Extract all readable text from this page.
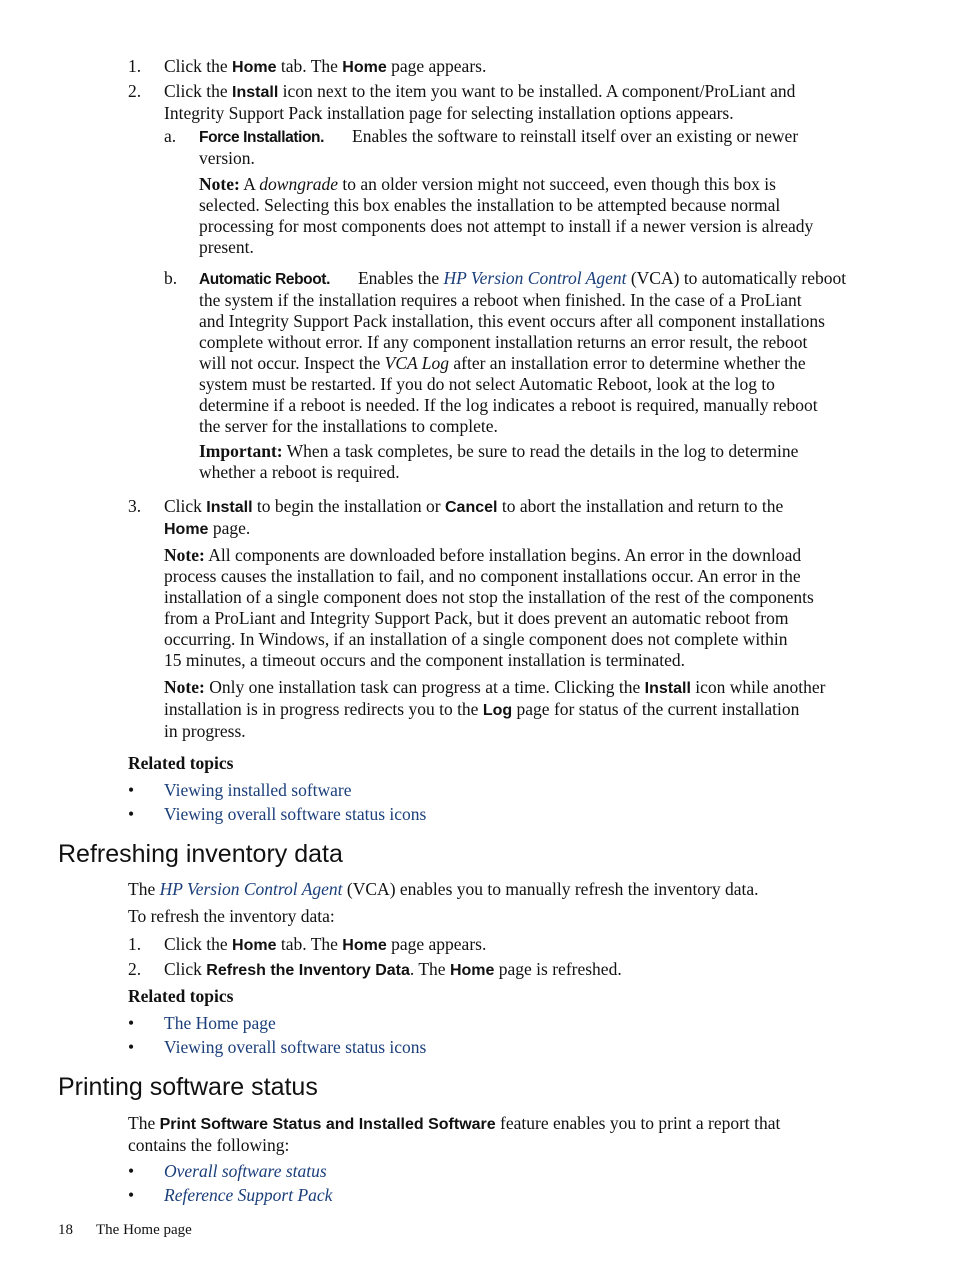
1. Click the Home tab. The Home page appears.
2. Click the Install icon next to the item you want to be installed. A component/ProLiant and
Integrity Support Pack installation page for selecting installation options appears.
a. Force Installation. Enables the software to reinstall itself over an existing or newer
version.
Note: A downgrade to an older version might not succeed, even though this box is
selected. Selecting this box enables the installation to be attempted because normal
processing for most components does not attempt to install if a newer version is already
present.
b. Automatic Reboot. Enables the HP Version Control Agent (VCA) to automatically reboot
the system if the installation requires a reboot when finished. In the case of a ProLiant
and Integrity Support Pack installation, this event occurs after all component installations
complete without error. If any component installation returns an error result, the reboot
will not occur. Inspect the VCA Log after an installation error to determine whether the
system must be restarted. If you do not select Automatic Reboot, look at the log to
determine if a reboot is needed. If the log indicates a reboot is required, manually reboot
the server for the installations to complete.
Important: When a task completes, be sure to read the details in the log to determine
whether a reboot is required.
3. Click Install to begin the installation or Cancel to abort the installation and return to the
Home page.
Note: All components are downloaded before installation begins. An error in the download
process causes the installation to fail, and no component installations occur. An error in the
installation of a single component does not stop the installation of the rest of the components
from a ProLiant and Integrity Support Pack, but it does prevent an automatic reboot from
occurring. In Windows, if an installation of a single component does not complete within
15 minutes, a timeout occurs and the component installation is terminated.
Note: Only one installation task can progress at a time. Clicking the Install icon while another
installation is in progress redirects you to the Log page for status of the current installation
in progress.
Related topics
• Viewing installed software
• Viewing overall software status icons
Refreshing inventory data
The HP Version Control Agent (VCA) enables you to manually refresh the inventory data.
To refresh the inventory data:
1. Click the Home tab. The Home page appears.
2. Click Refresh the Inventory Data. The Home page is refreshed.
Related topics
• The Home page
• Viewing overall software status icons
Printing software status
The Print Software Status and Installed Software feature enables you to print a report that
contains the following:
• Overall software status
• Reference Support Pack
18 The Home page
